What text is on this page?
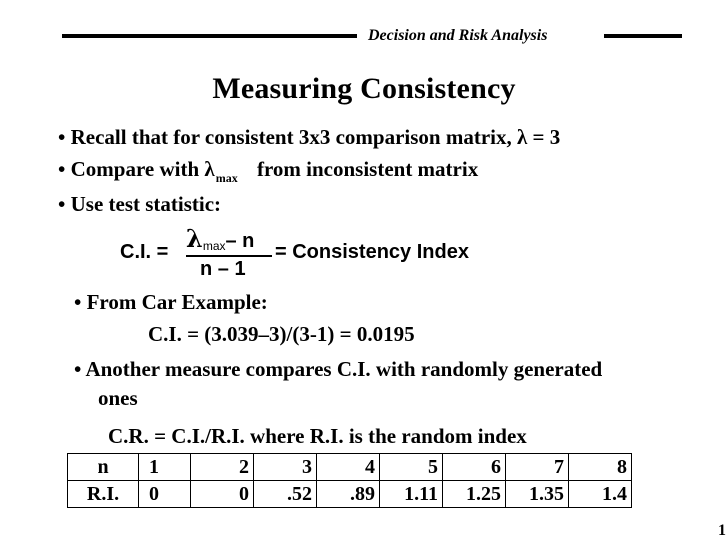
Decision and Risk Analysis
Measuring Consistency
• Recall that for consistent 3x3 comparison matrix, λ = 3
• Compare with $\lambda_{max}$ from inconsistent matrix
• Use test statistic:
C.I. = $\lambda_{max}-$ n
n – 1
= Consistency Index
• From Car Example:
C.I. = (3.039–3)/(3-1) = 0.0195
• Another measure compares C.I. with randomly generated
ones
C.R. = C.I./R.I. where R.I. is the random index
n	1	2	3	4	5	6	7	8
R.I.	0	0	.52	.89	1.11	1.25	1.35	1.4
1
